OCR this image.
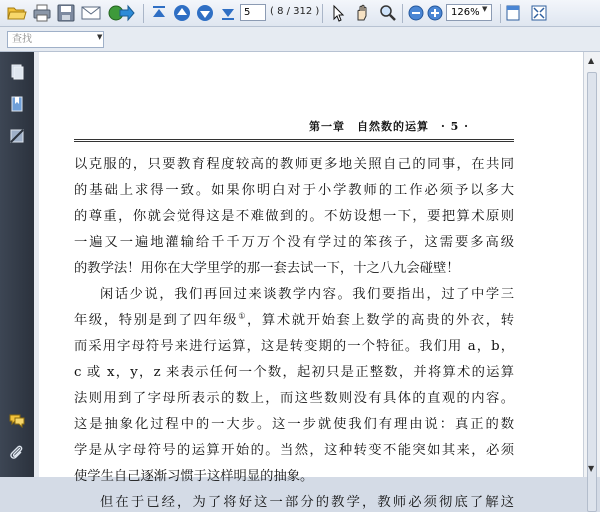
5	( 8 / 312 )	126% ▼
查找	▼
第一章　自然数的运算　· 5 ·
以克服的，只要教育程度较高的教师更多地关照自己的同事，在共同
的基础上求得一致。如果你明白对于小学教师的工作必须予以多大
的尊重，你就会觉得这是不难做到的。不妨设想一下，要把算术原则
一遍又一遍地灌输给千千万万个没有学过的笨孩子，这需要多高级
的教学法！用你在大学里学的那一套去试一下，十之八九会碰壁！
闲话少说，我们再回过来谈教学内容。我们要指出，过了中学三
年级，特别是到了四年级①，算术就开始套上数学的高贵的外衣，转
而采用字母符号来进行运算，这是转变期的一个特征。我们用 a，b，
c 或 x，y，z 来表示任何一个数，起初只是正整数，并将算术的运算
法则用到了字母所表示的数上，而这些数则没有具体的直观的内容。
这是抽象化过程中的一大步。这一步就使我们有理由说：真正的数
学是从字母符号的运算开始的。当然，这种转变不能突如其来，必须
使学生自己逐渐习惯于这样明显的抽象。
但在于已经，为了将好这一部分的教学，教师必须彻底了解这
▲
▼
